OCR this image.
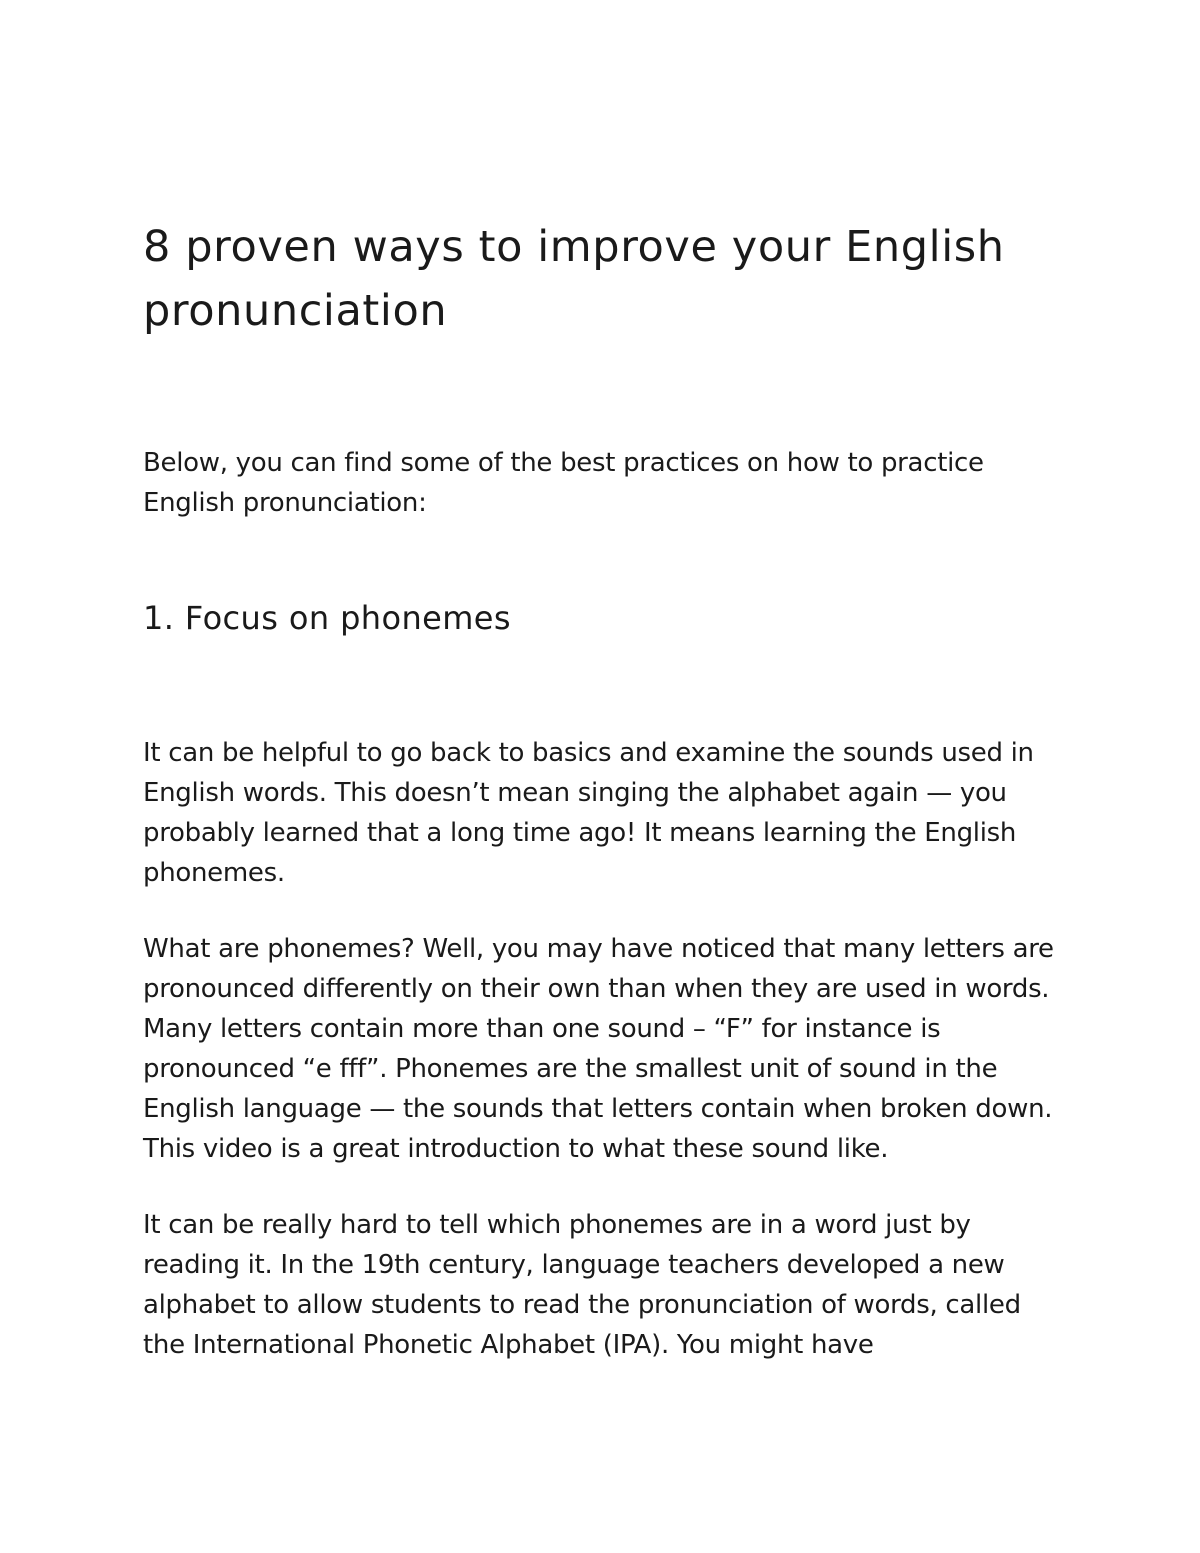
8 proven ways to improve your English pronunciation

Below, you can find some of the best practices on how to practice English pronunciation:

1. Focus on phonemes

It can be helpful to go back to basics and examine the sounds used in English words. This doesn’t mean singing the alphabet again — you probably learned that a long time ago! It means learning the English phonemes.

What are phonemes? Well, you may have noticed that many letters are pronounced differently on their own than when they are used in words. Many letters contain more than one sound – “F” for instance is pronounced “e fff”. Phonemes are the smallest unit of sound in the English language — the sounds that letters contain when broken down. This video is a great introduction to what these sound like.

It can be really hard to tell which phonemes are in a word just by reading it. In the 19th century, language teachers developed a new alphabet to allow students to read the pronunciation of words, called the International Phonetic Alphabet (IPA). You might have
